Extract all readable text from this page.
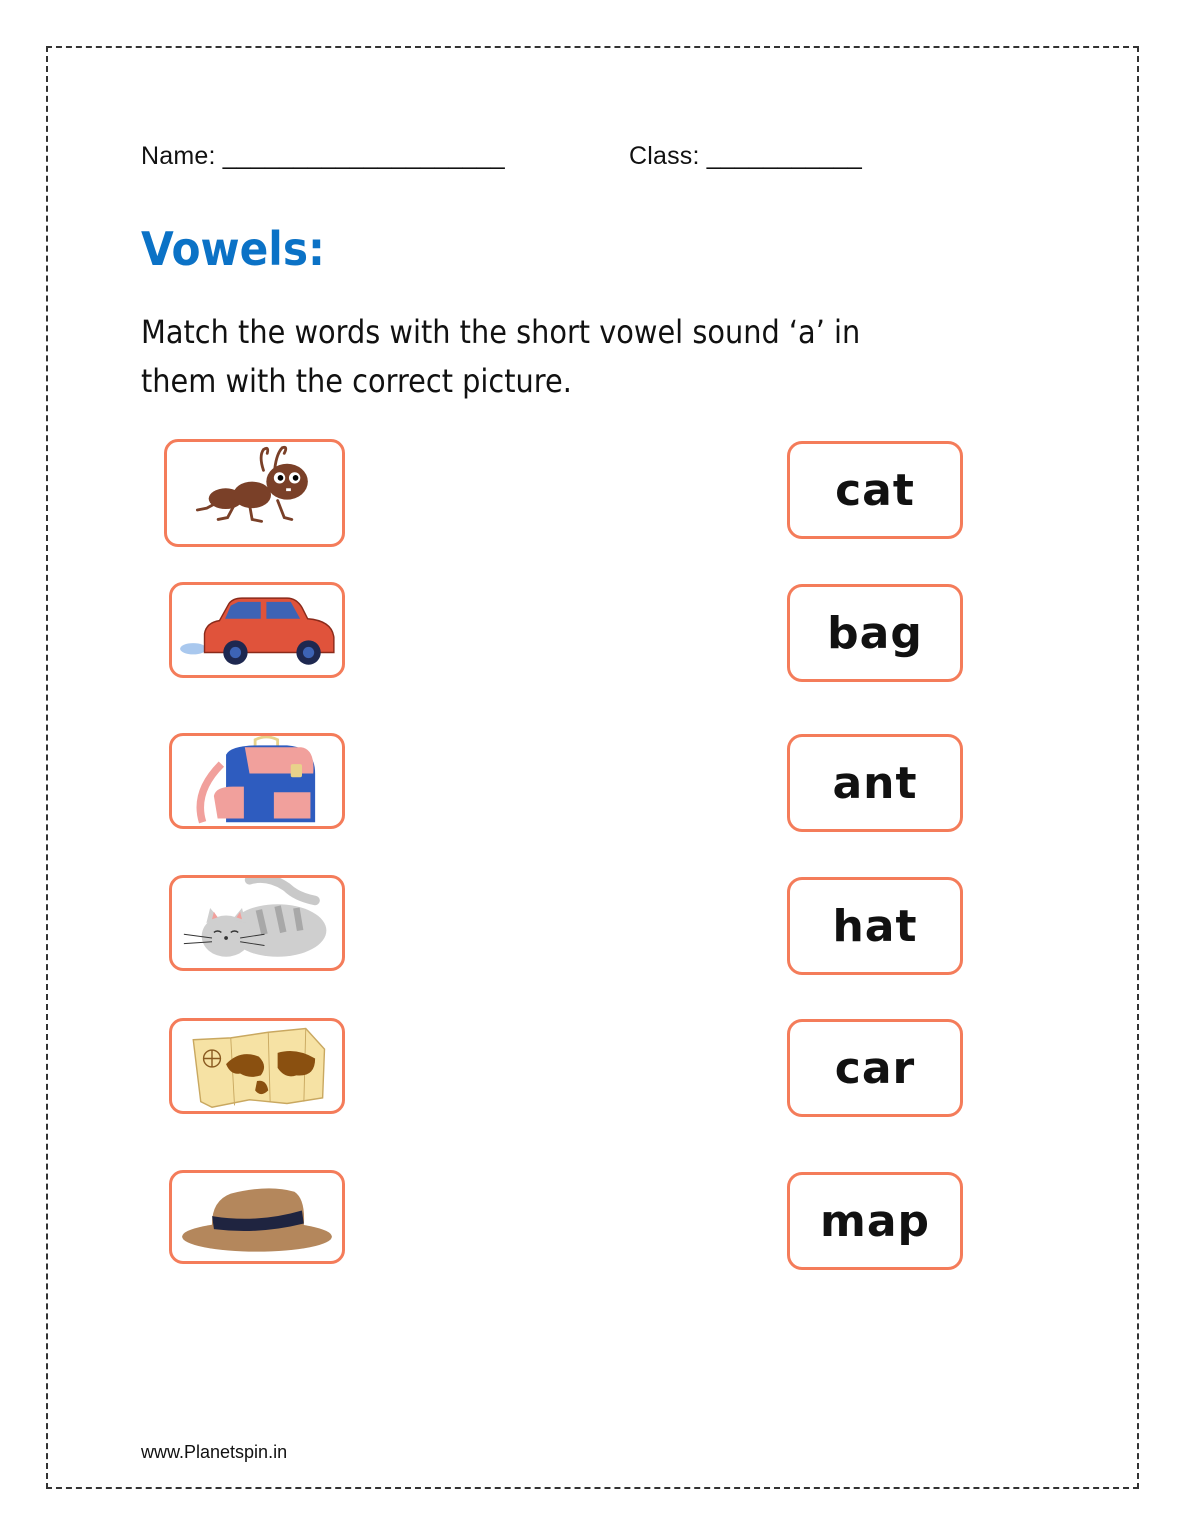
Name: ____________________	Class: ___________
Vowels:
Match the words with the short vowel sound ‘a’ in them with the correct picture.
cat
bag
ant
hat
car
map
www.Planetspin.in
